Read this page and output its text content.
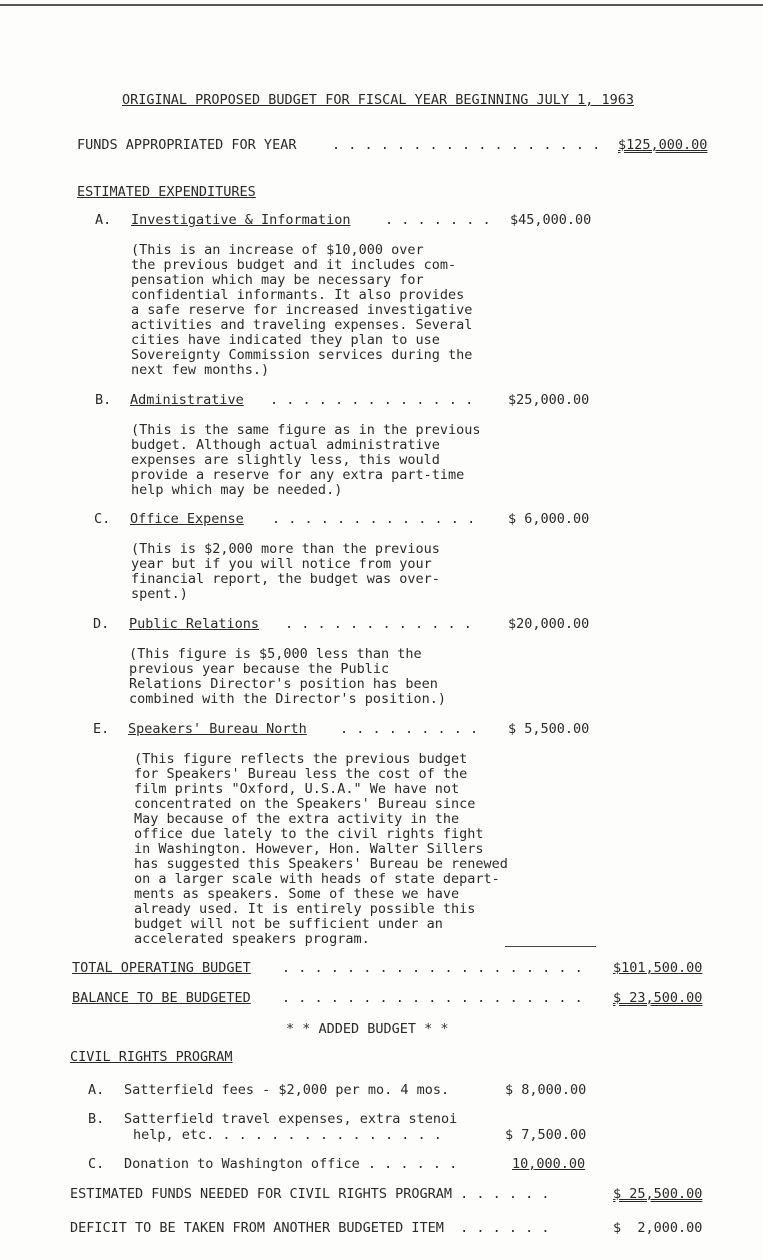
ORIGINAL PROPOSED BUDGET FOR FISCAL YEAR BEGINNING JULY 1, 1963
FUNDS APPROPRIATED FOR YEAR	. . . . . . . . . . . . . . . . . $125,000.00
ESTIMATED EXPENDITURES
A. Investigative & Information	. . . . . . . $45,000.00
(This is an increase of $10,000 over
the previous budget and it includes com-
pensation which may be necessary for
confidential informants. It also provides
a safe reserve for increased investigative
activities and traveling expenses. Several
cities have indicated they plan to use
Sovereignty Commission services during the
next few months.)
B. Administrative . . . . . . . . . . . . .	$25,000.00
(This is the same figure as in the previous
budget. Although actual administrative
expenses are slightly less, this would
provide a reserve for any extra part-time
help which may be needed.)
C. Office Expense . . . . . . . . . . . . . $ 6,000.00
(This is $2,000 more than the previous
year but if you will notice from your
financial report, the budget was over-
spent.)
D. Public Relations . . . . . . . . . . . .	$20,000.00
(This figure is $5,000 less than the
previous year because the Public
Relations Director's position has been
combined with the Director's position.)
E. Speakers' Bureau North . . . . . . . . . $ 5,500.00
(This figure reflects the previous budget
for Speakers' Bureau less the cost of the
film prints "Oxford, U.S.A." We have not
concentrated on the Speakers' Bureau since
May because of the extra activity in the
office due lately to the civil rights fight
in Washington. However, Hon. Walter Sillers
has suggested this Speakers' Bureau be renewed
on a larger scale with heads of state depart-
ments as speakers. Some of these we have
already used. It is entirely possible this
budget will not be sufficient under an
accelerated speakers program.
TOTAL OPERATING BUDGET . . . . . . . . . . . . . . . . . . . $101,500.00
BALANCE TO BE BUDGETED . . . . . . . . . . . . . . . . . . . $ 23,500.00
* * ADDED BUDGET * *
CIVIL RIGHTS PROGRAM
A. Satterfield fees - $2,000 per mo. 4 mos.	$ 8,000.00
B. Satterfield travel expenses, extra stenoi
help, etc. . . . . . . . . . . . . . .	$ 7,500.00
C. Donation to Washington office . . . . . .	10,000.00
ESTIMATED FUNDS NEEDED FOR CIVIL RIGHTS PROGRAM . . . . . .	$ 25,500.00
DEFICIT TO BE TAKEN FROM ANOTHER BUDGETED ITEM  . . . . . .	$  2,000.00
